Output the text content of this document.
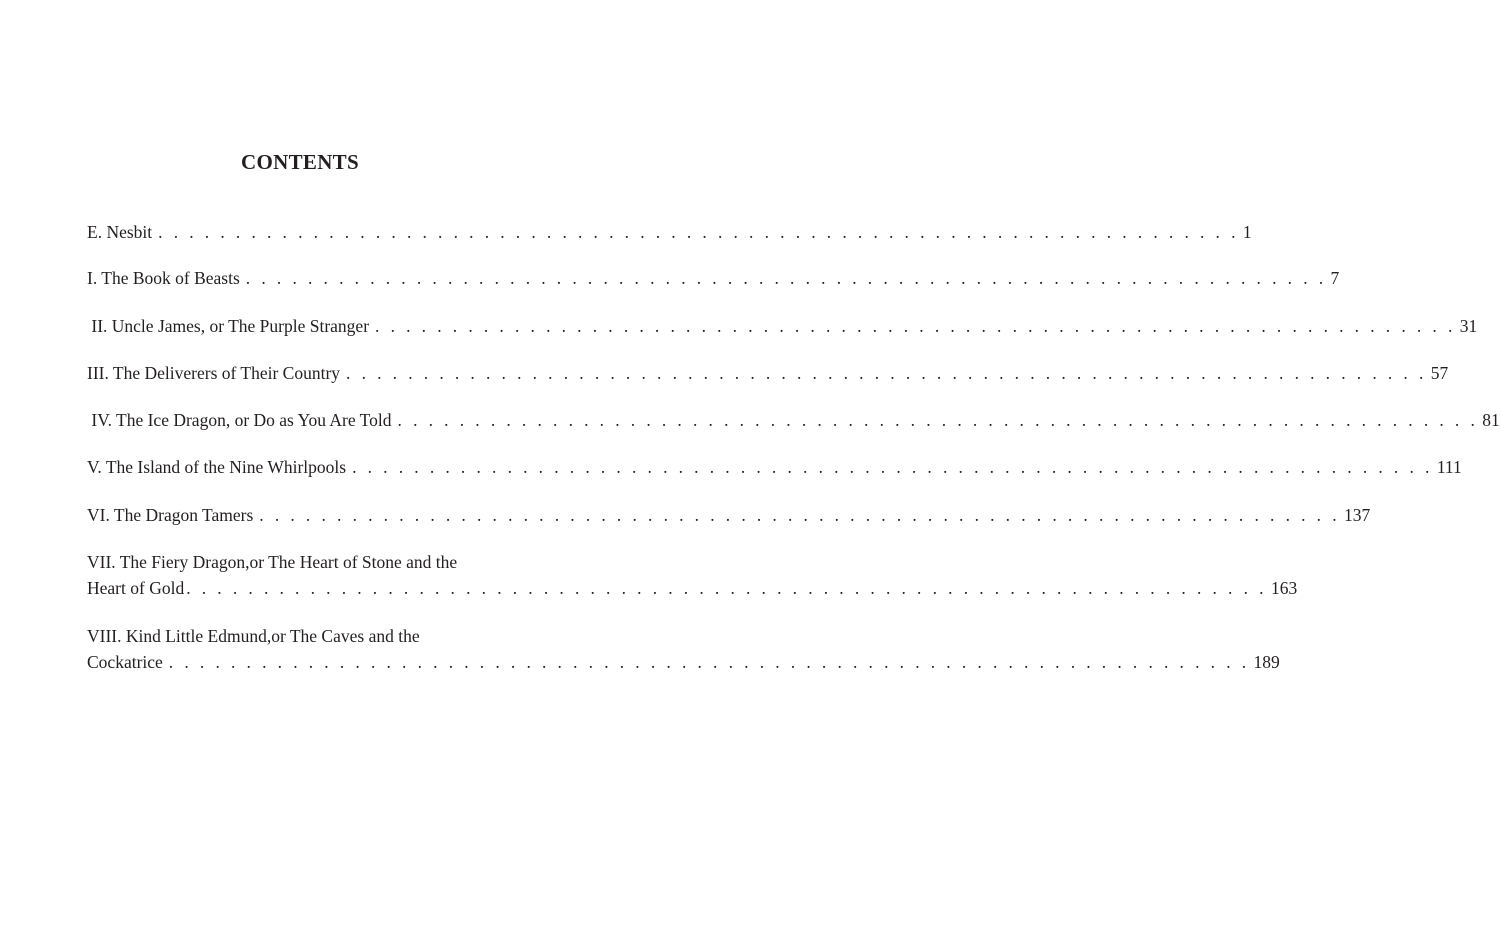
CONTENTS
E. Nesbit . . . . . . . . . . . . . . . . . . . . . . . . . . . . . . . . . . . . . . . . . . . . . . . . . . . . . . . . . . . . . . . . . . . . . . 1
I. The Book of Beasts . . . . . . . . . . . . . . . . . . . . . . . . . . . . . . . . . . . . . . . . . . . . . . . . . . . . . . . . . . . . . . . . . . . . . . 7
II. Uncle James, or The Purple Stranger . . . . . . . . . . . . . . . . . . . . . . . . . . . . . . . . . . . . . . . . . . . . . . . . . . . . . . . . . . . . . . . . . . . . . . 31
III. The Deliverers of Their Country . . . . . . . . . . . . . . . . . . . . . . . . . . . . . . . . . . . . . . . . . . . . . . . . . . . . . . . . . . . . . . . . . . . . . . 57
IV. The Ice Dragon, or Do as You Are Told . . . . . . . . . . . . . . . . . . . . . . . . . . . . . . . . . . . . . . . . . . . . . . . . . . . . . . . . . . . . . . . . . . . . . . 81
V. The Island of the Nine Whirlpools . . . . . . . . . . . . . . . . . . . . . . . . . . . . . . . . . . . . . . . . . . . . . . . . . . . . . . . . . . . . . . . . . . . . . . 111
VI. The Dragon Tamers . . . . . . . . . . . . . . . . . . . . . . . . . . . . . . . . . . . . . . . . . . . . . . . . . . . . . . . . . . . . . . . . . . . . . . 137
VII. The Fiery Dragon,or The Heart of Stone and the
Heart of Gold . . . . . . . . . . . . . . . . . . . . . . . . . . . . . . . . . . . . . . . . . . . . . . . . . . . . . . . . . . . . . . . . . . . . . . 163
VIII. Kind Little Edmund,or The Caves and the
Cockatrice . . . . . . . . . . . . . . . . . . . . . . . . . . . . . . . . . . . . . . . . . . . . . . . . . . . . . . . . . . . . . . . . . . . . . . 189
